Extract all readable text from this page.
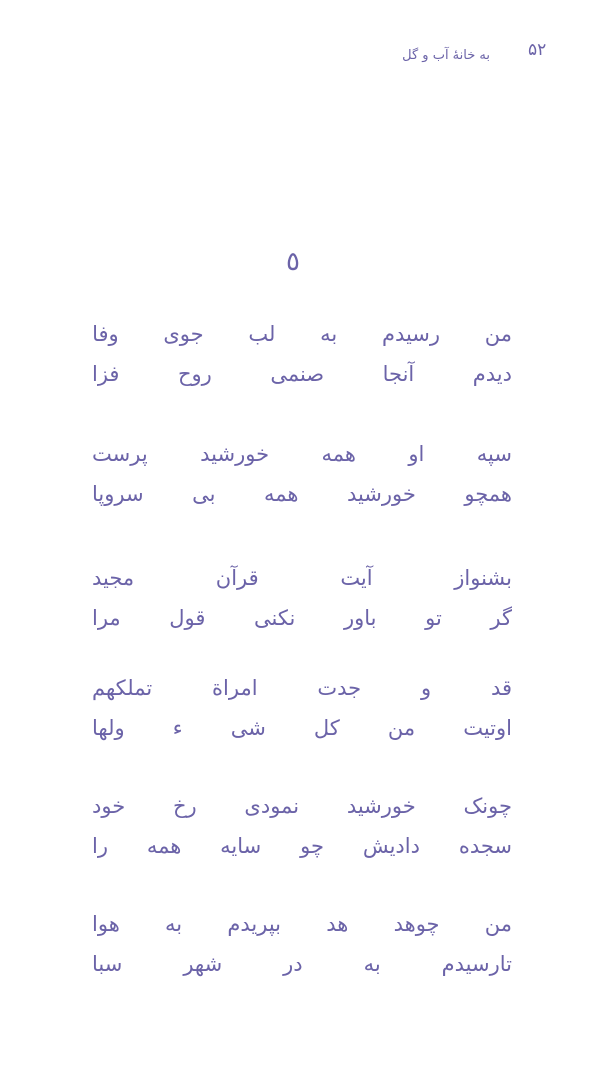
۵۲
به خانهٔ آب و گل
٥
من
رسیدم
به
لب
جوی
وفا
دیدم
آنجا
صنمی
روح
فزا
سپه
او
همه
خورشید
پرست
همچو
خورشید
همه
بی
سروپا
بشنواز
آیت
قرآن
مجید
گر
تو
باور
نکنی
قول
مرا
قد
و
جدت
امراة
تملکهم
اوتیت
من
کل
شی
ء
ولها
چونک
خورشید
نمودی
رخ
خود
سجده
دادیش
چو
سایه
همه
را
من
چوهد
هد
بپریدم
به
هوا
تارسیدم
به
در
شهر
سبا
